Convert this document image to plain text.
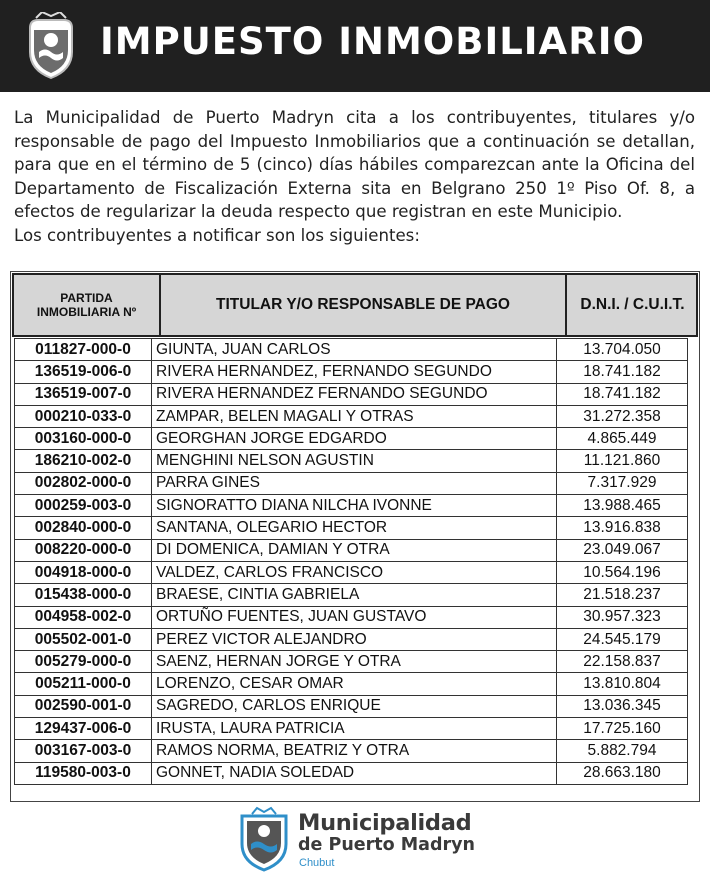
IMPUESTO INMOBILIARIO

La Municipalidad de Puerto Madryn cita a los contribuyentes, titulares y/o responsable de pago del Impuesto Inmobiliarios que a continuación se detallan, para que en el término de 5 (cinco) días hábiles comparezcan ante la Oficina del Departamento de Fiscalización Externa sita en Belgrano 250 1º Piso Of. 8, a efectos de regularizar la deuda respecto que registran en este Municipio.

Los contribuyentes a notificar son los siguientes:

PARTIDA
INMOBILIARIA Nº	TITULAR Y/O RESPONSABLE DE PAGO	D.N.I. / C.U.I.T.
011827-000-0	GIUNTA, JUAN CARLOS	13.704.050
136519-006-0	RIVERA HERNANDEZ, FERNANDO SEGUNDO	18.741.182
136519-007-0	RIVERA HERNANDEZ FERNANDO SEGUNDO	18.741.182
000210-033-0	ZAMPAR, BELEN MAGALI Y OTRAS	31.272.358
003160-000-0	GEORGHAN JORGE EDGARDO	4.865.449
186210-002-0	MENGHINI NELSON AGUSTIN	11.121.860
002802-000-0	PARRA GINES	7.317.929
000259-003-0	SIGNORATTO DIANA NILCHA IVONNE	13.988.465
002840-000-0	SANTANA, OLEGARIO HECTOR	13.916.838
008220-000-0	DI DOMENICA, DAMIAN Y OTRA	23.049.067
004918-000-0	VALDEZ, CARLOS FRANCISCO	10.564.196
015438-000-0	BRAESE, CINTIA GABRIELA	21.518.237
004958-002-0	ORTUÑO FUENTES, JUAN GUSTAVO	30.957.323
005502-001-0	PEREZ VICTOR ALEJANDRO	24.545.179
005279-000-0	SAENZ, HERNAN JORGE Y OTRA	22.158.837
005211-000-0	LORENZO, CESAR OMAR	13.810.804
002590-001-0	SAGREDO, CARLOS ENRIQUE	13.036.345
129437-006-0	IRUSTA, LAURA PATRICIA	17.725.160
003167-003-0	RAMOS NORMA, BEATRIZ Y OTRA	5.882.794
119580-003-0	GONNET, NADIA SOLEDAD	28.663.180
Municipalidad
de Puerto Madryn
Chubut
